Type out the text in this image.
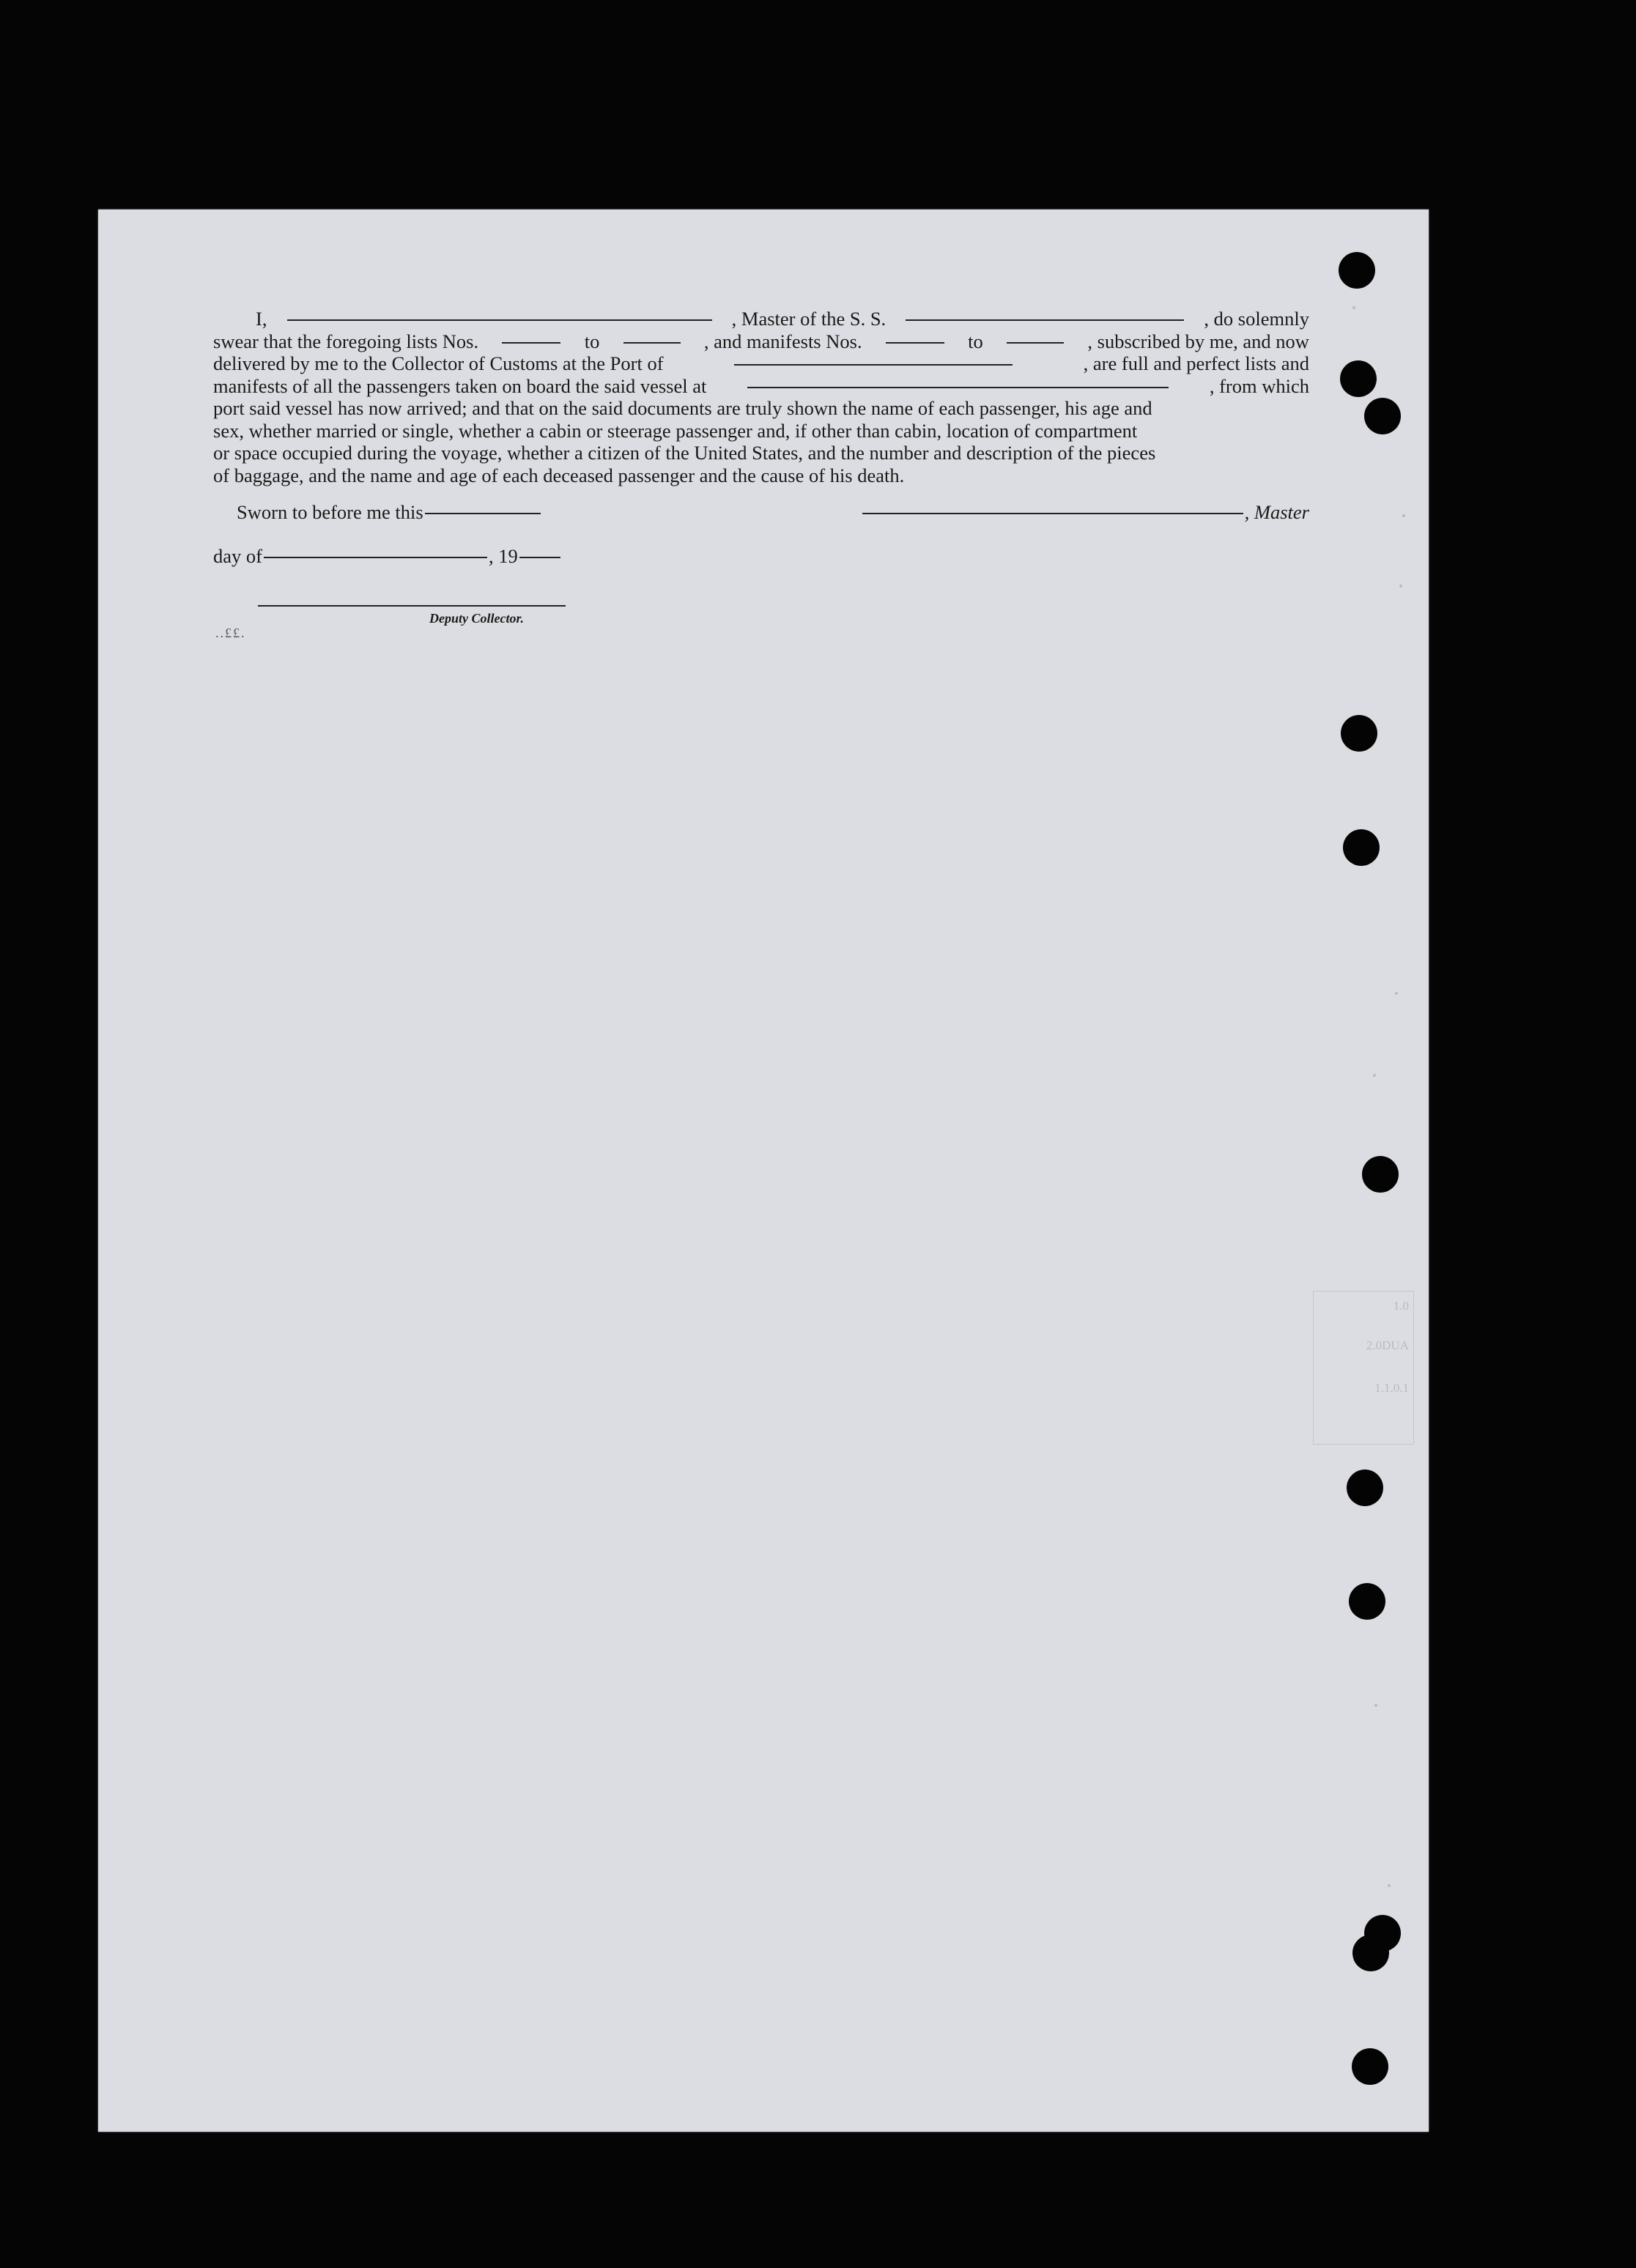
I,	, Master of the S. S.	, do solemnly
swear that the foregoing lists Nos.	to	, and manifests Nos.	to	, subscribed by me, and now
delivered by me to the Collector of Customs at the Port of	, are full and perfect lists and
manifests of all the passengers taken on board the said vessel at	, from which
port said vessel has now arrived; and that on the said documents are truly shown the name of each passenger, his age and
sex, whether married or single, whether a cabin or steerage passenger and, if other than cabin, location of compartment
or space occupied during the voyage, whether a citizen of the United States, and the number and description of the pieces
of baggage, and the name and age of each deceased passenger and the cause of his death.
Sworn to before me this	, Master
day of	, 19
Deputy Collector.
..££.
1.0
2.0DUA
1.1.0.1
